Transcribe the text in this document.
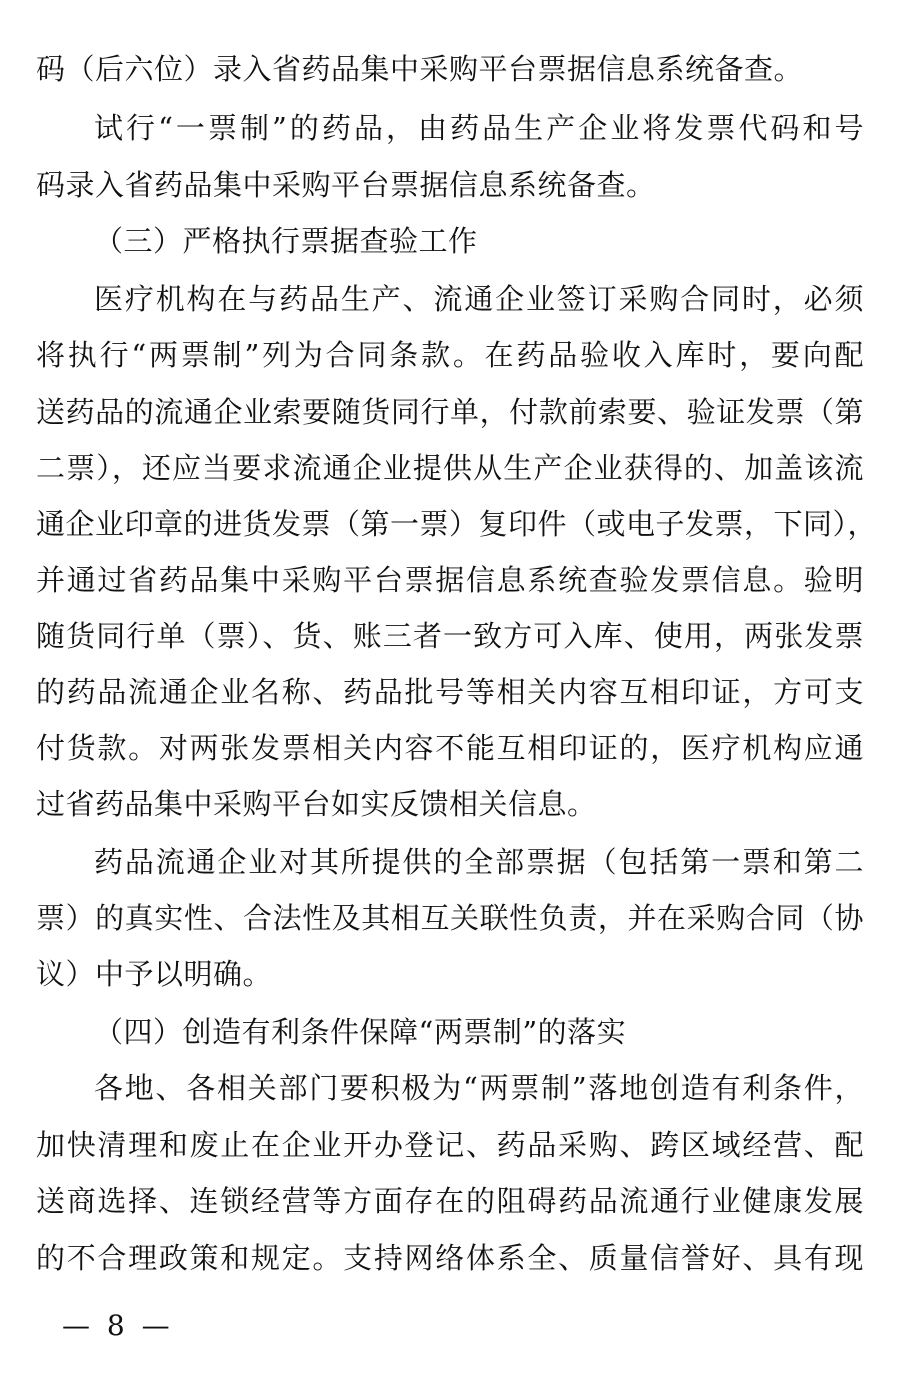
码（后六位）录入省药品集中采购平台票据信息系统备查。
试行“一票制”的药品，由药品生产企业将发票代码和号
码录入省药品集中采购平台票据信息系统备查。
（三）严格执行票据查验工作
医疗机构在与药品生产、流通企业签订采购合同时，必须
将执行“两票制”列为合同条款。在药品验收入库时，要向配
送药品的流通企业索要随货同行单，付款前索要、验证发票（第
二票），还应当要求流通企业提供从生产企业获得的、加盖该流
通企业印章的进货发票（第一票）复印件（或电子发票，下同），
并通过省药品集中采购平台票据信息系统查验发票信息。验明
随货同行单（票）、货、账三者一致方可入库、使用，两张发票
的药品流通企业名称、药品批号等相关内容互相印证，方可支
付货款。对两张发票相关内容不能互相印证的，医疗机构应通
过省药品集中采购平台如实反馈相关信息。
药品流通企业对其所提供的全部票据（包括第一票和第二
票）的真实性、合法性及其相互关联性负责，并在采购合同（协
议）中予以明确。
（四）创造有利条件保障“两票制”的落实
各地、各相关部门要积极为“两票制”落地创造有利条件，
加快清理和废止在企业开办登记、药品采购、跨区域经营、配
送商选择、连锁经营等方面存在的阻碍药品流通行业健康发展
的不合理政策和规定。支持网络体系全、质量信誉好、具有现
— 8 —
